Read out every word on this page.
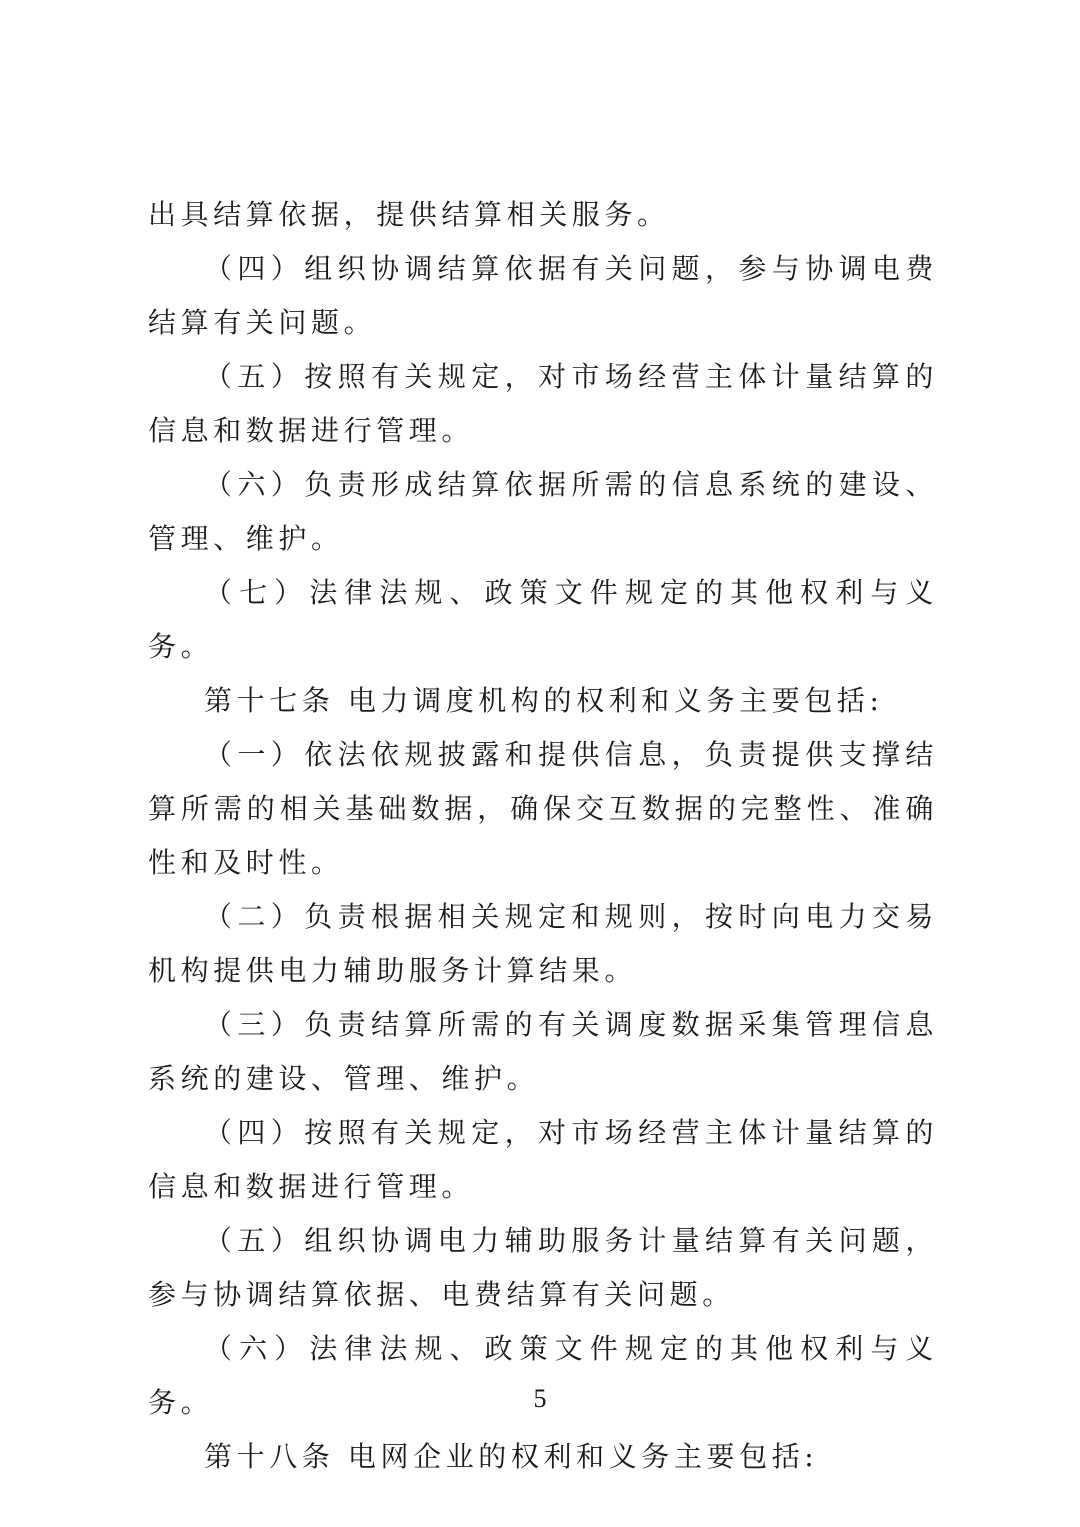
出具结算依据，提供结算相关服务。

（四）组织协调结算依据有关问题，参与协调电费结算有关问题。

（五）按照有关规定，对市场经营主体计量结算的信息和数据进行管理。

（六）负责形成结算依据所需的信息系统的建设、管理、维护。

（七）法律法规、政策文件规定的其他权利与义务。

第十七条 电力调度机构的权利和义务主要包括:

（一）依法依规披露和提供信息，负责提供支撑结算所需的相关基础数据，确保交互数据的完整性、准确性和及时性。

（二）负责根据相关规定和规则，按时向电力交易机构提供电力辅助服务计算结果。

（三）负责结算所需的有关调度数据采集管理信息系统的建设、管理、维护。

（四）按照有关规定，对市场经营主体计量结算的信息和数据进行管理。

（五）组织协调电力辅助服务计量结算有关问题，参与协调结算依据、电费结算有关问题。

（六）法律法规、政策文件规定的其他权利与义务。

第十八条 电网企业的权利和义务主要包括:

5
